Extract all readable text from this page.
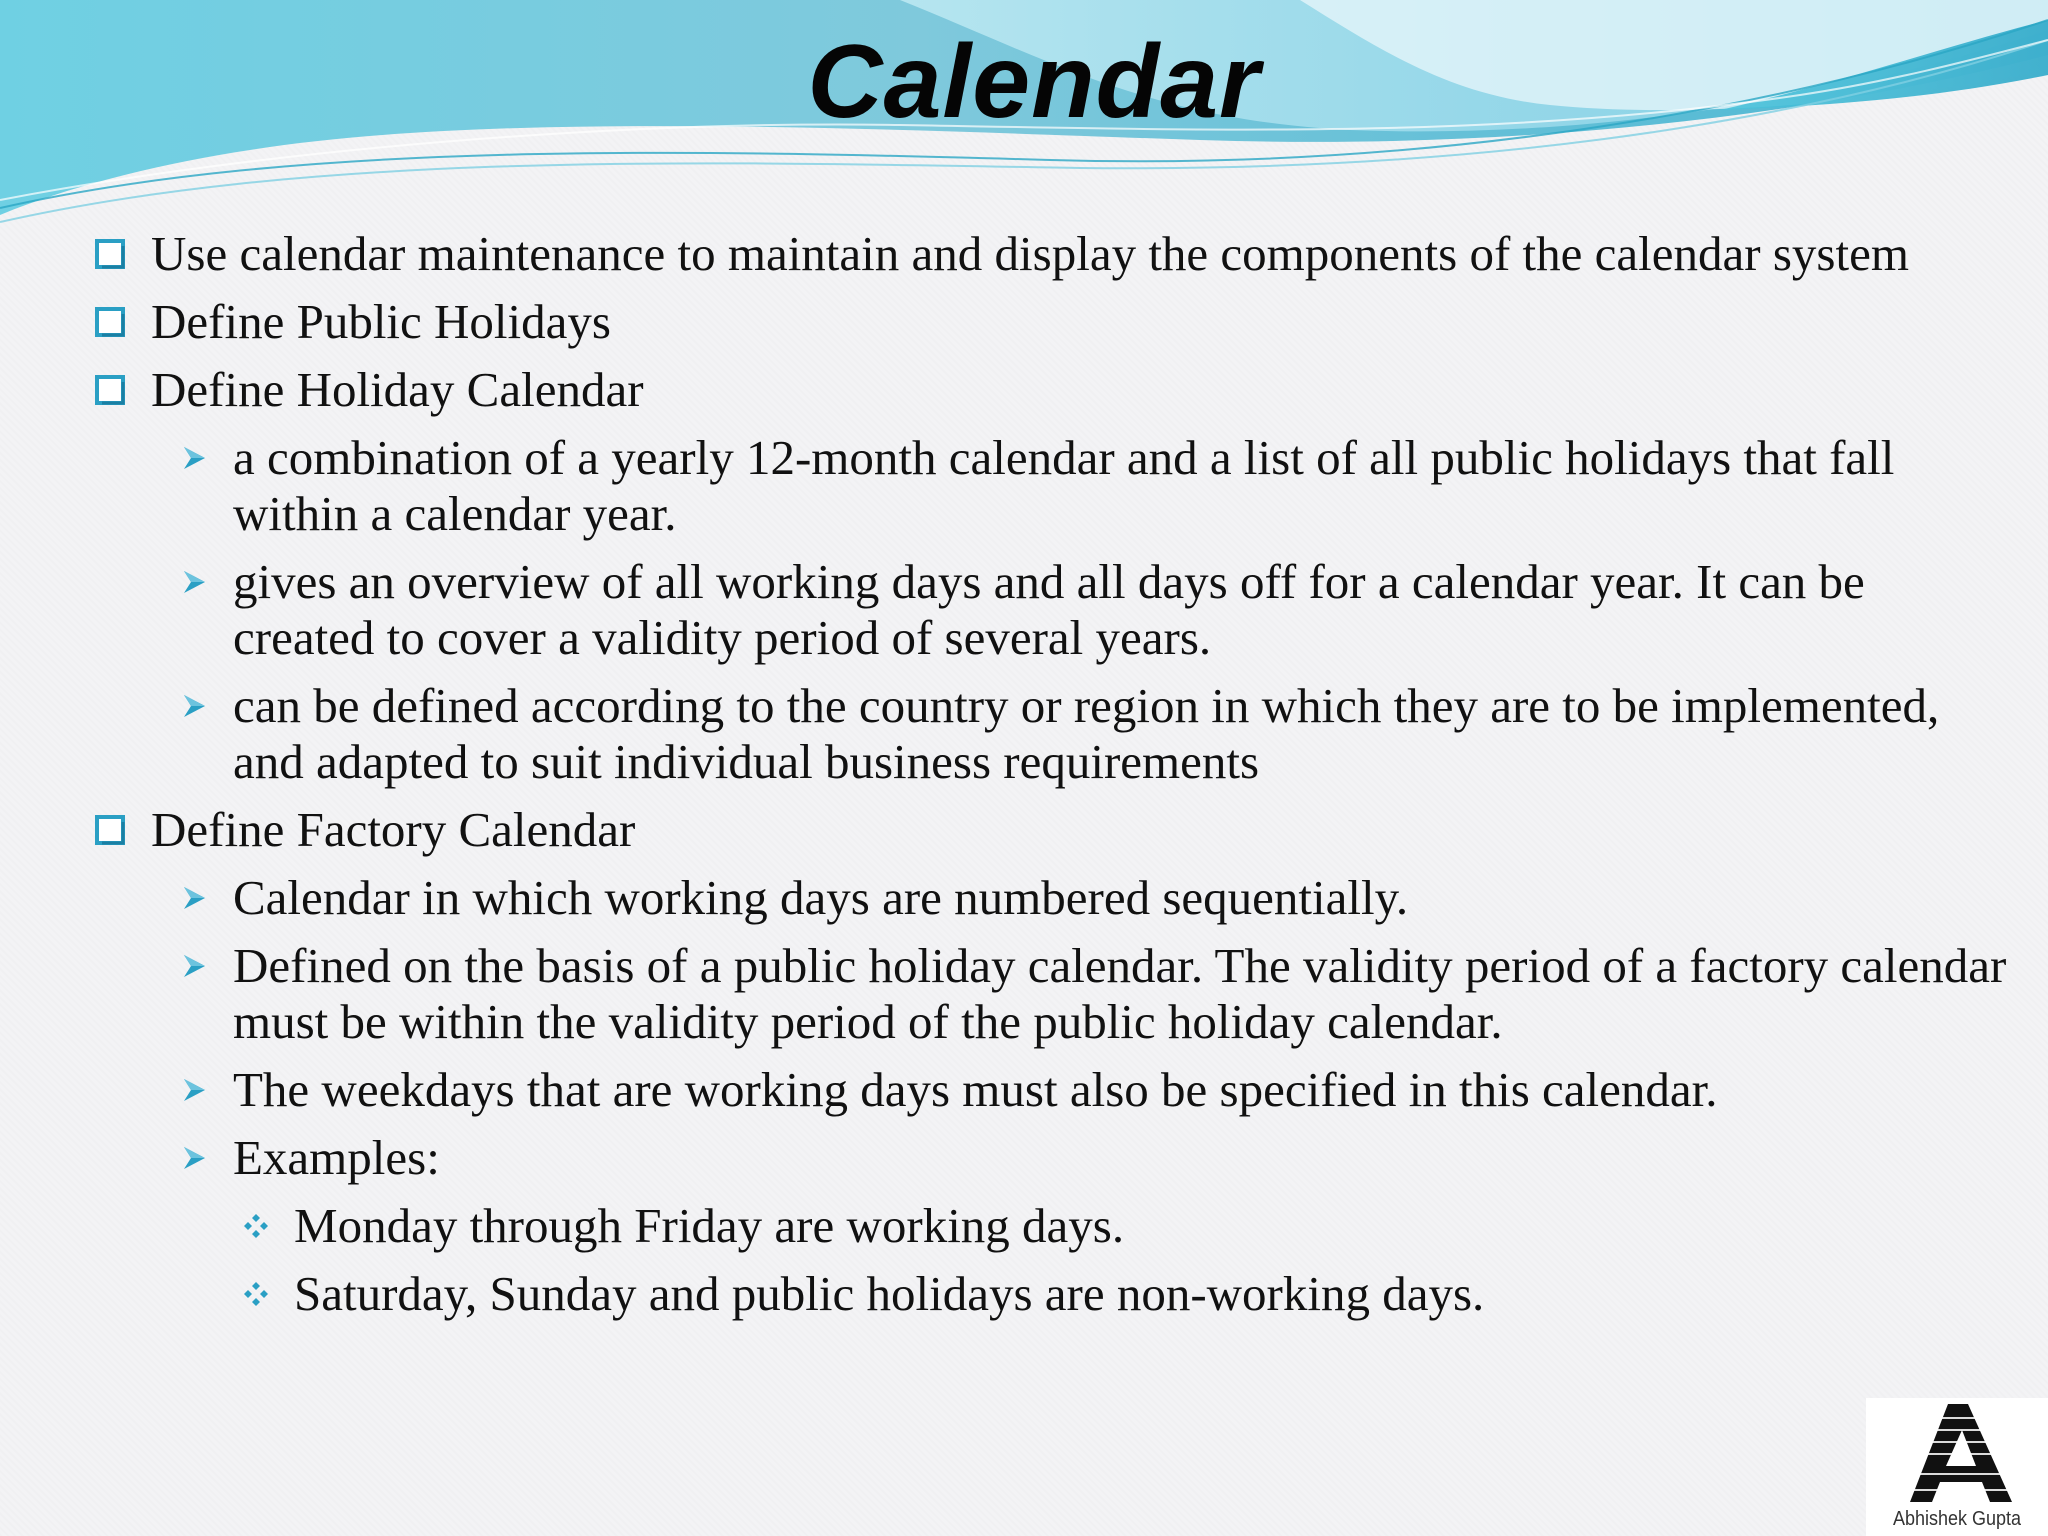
Calendar
Use calendar maintenance to maintain and display the components of the calendar system
Define Public Holidays
Define Holiday Calendar
a combination of a yearly 12-month calendar and a list of all public holidays that fall within a calendar year.
gives an overview of all working days and all days off for a calendar year. It can be created to cover a validity period of several years.
can be defined according to the country or region in which they are to be implemented, and adapted to suit individual business requirements
Define Factory Calendar
Calendar in which working days are numbered sequentially.
Defined on the basis of a public holiday calendar. The validity period of a factory calendar must be within the validity period of the public holiday calendar.
The weekdays that are working days must also be specified in this calendar.
Examples:
Monday through Friday are working days.
Saturday, Sunday and public holidays are non-working days.
Abhishek Gupta
